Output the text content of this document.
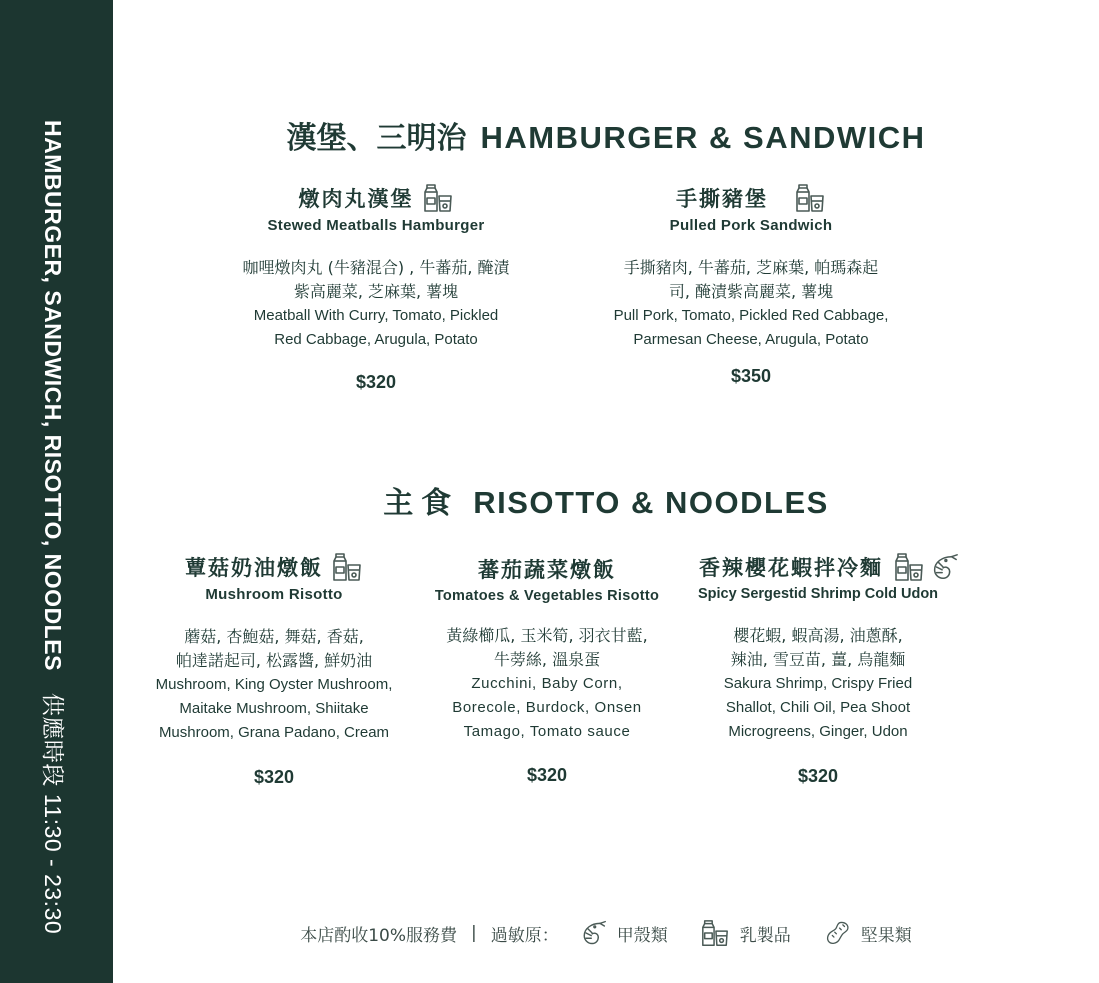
HAMBURGER, SANDWICH, RISOTTO, NOODLES供應時段 11:30 - 23:30
漢堡、三明治 HAMBURGER & SANDWICH
燉肉丸漢堡
Stewed Meatballs Hamburger
咖哩燉肉丸 (牛豬混合) , 牛蕃茄, 醃漬
紫高麗菜, 芝麻葉, 薯塊
Meatball With Curry, Tomato, Pickled
Red Cabbage, Arugula, Potato
$320
手撕豬堡
Pulled Pork Sandwich
手撕豬肉, 牛蕃茄, 芝麻葉, 帕瑪森起
司, 醃漬紫高麗菜, 薯塊
Pull Pork, Tomato, Pickled Red Cabbage,
Parmesan Cheese, Arugula, Potato
$350
主食 RISOTTO & NOODLES
蕈菇奶油燉飯
Mushroom Risotto
蘑菇, 杏鮑菇, 舞菇, 香菇,
帕達諾起司, 松露醬, 鮮奶油
Mushroom, King Oyster Mushroom,
Maitake Mushroom, Shiitake
Mushroom, Grana Padano, Cream
$320
蕃茄蔬菜燉飯
Tomatoes & Vegetables Risotto
黃綠櫛瓜, 玉米筍, 羽衣甘藍,
牛蒡絲, 溫泉蛋
Zucchini, Baby Corn,
Borecole, Burdock, Onsen
Tamago, Tomato sauce
$320
香辣櫻花蝦拌冷麵
Spicy Sergestid Shrimp Cold Udon
櫻花蝦, 蝦高湯, 油蔥酥,
辣油, 雪豆苗, 薑, 烏龍麵
Sakura Shrimp, Crispy Fried
Shallot, Chili Oil, Pea Shoot
Microgreens, Ginger, Udon
$320
本店酌收10%服務費 | 過敏原：	甲殼類	乳製品	堅果類
